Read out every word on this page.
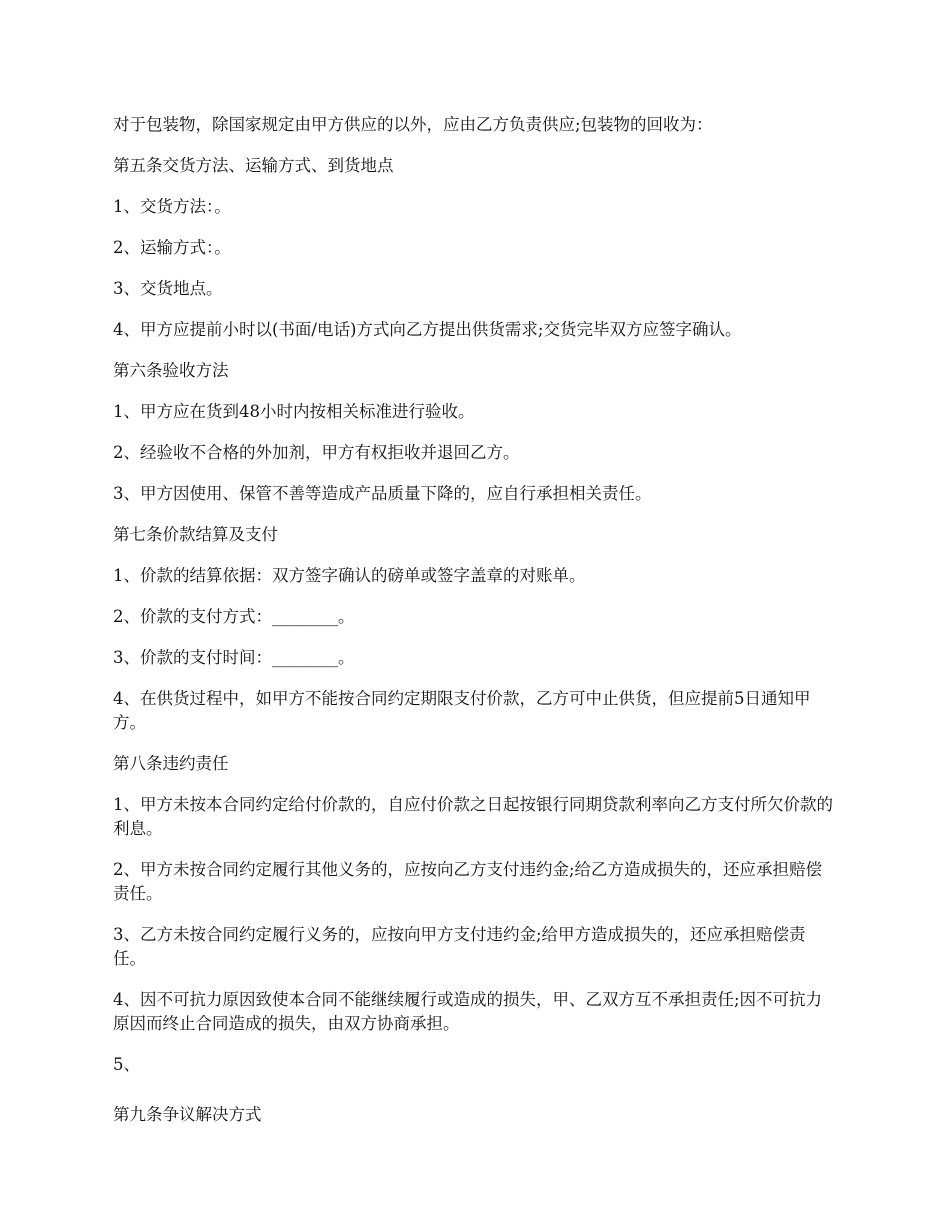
对于包装物，除国家规定由甲方供应的以外，应由乙方负责供应;包装物的回收为：

第五条交货方法、运输方式、到货地点

1、交货方法：。

2、运输方式：。

3、交货地点。

4、甲方应提前小时以(书面/电话)方式向乙方提出供货需求;交货完毕双方应签字确认。

第六条验收方法

1、甲方应在货到48小时内按相关标准进行验收。

2、经验收不合格的外加剂，甲方有权拒收并退回乙方。

3、甲方因使用、保管不善等造成产品质量下降的，应自行承担相关责任。

第七条价款结算及支付

1、价款的结算依据：双方签字确认的磅单或签字盖章的对账单。

2、价款的支付方式：________。

3、价款的支付时间：________。

4、在供货过程中，如甲方不能按合同约定期限支付价款，乙方可中止供货，但应提前5日通知甲方。

第八条违约责任

1、甲方未按本合同约定给付价款的，自应付价款之日起按银行同期贷款利率向乙方支付所欠价款的利息。

2、甲方未按合同约定履行其他义务的，应按向乙方支付违约金;给乙方造成损失的，还应承担赔偿责任。

3、乙方未按合同约定履行义务的，应按向甲方支付违约金;给甲方造成损失的，还应承担赔偿责任。

4、因不可抗力原因致使本合同不能继续履行或造成的损失，甲、乙双方互不承担责任;因不可抗力原因而终止合同造成的损失，由双方协商承担。

5、

第九条争议解决方式
